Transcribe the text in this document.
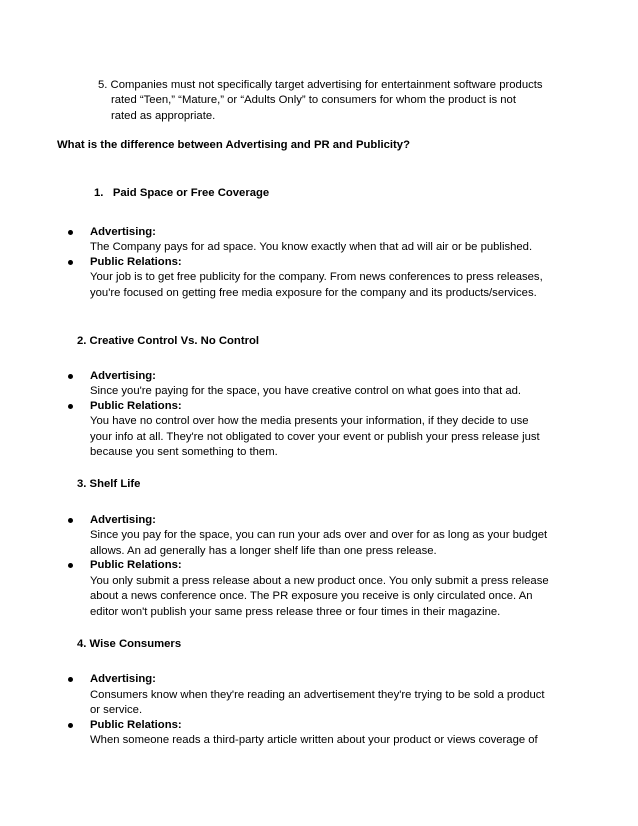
5. Companies must not specifically target advertising for entertainment software products
rated “Teen,” “Mature,” or “Adults Only” to consumers for whom the product is not
rated as appropriate.
What is the difference between Advertising and PR and Publicity?
1.   Paid Space or Free Coverage
Advertising:
The Company pays for ad space. You know exactly when that ad will air or be published.
Public Relations:
Your job is to get free publicity for the company. From news conferences to press releases,
you're focused on getting free media exposure for the company and its products/services.
2. Creative Control Vs. No Control
Advertising:
Since you're paying for the space, you have creative control on what goes into that ad.
Public Relations:
You have no control over how the media presents your information, if they decide to use
your info at all. They're not obligated to cover your event or publish your press release just
because you sent something to them.
3. Shelf Life
Advertising:
Since you pay for the space, you can run your ads over and over for as long as your budget
allows. An ad generally has a longer shelf life than one press release.
Public Relations:
You only submit a press release about a new product once. You only submit a press release
about a news conference once. The PR exposure you receive is only circulated once. An
editor won't publish your same press release three or four times in their magazine.
4. Wise Consumers
Advertising:
Consumers know when they're reading an advertisement they're trying to be sold a product
or service.
Public Relations:
When someone reads a third-party article written about your product or views coverage of
